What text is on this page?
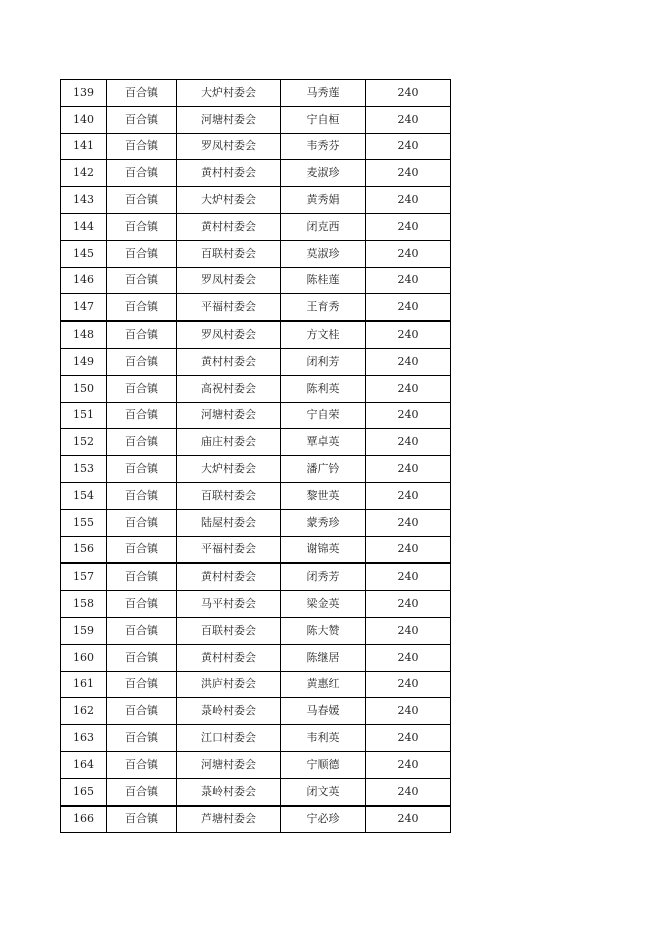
139	百合镇	大炉村委会	马秀莲	240
140	百合镇	河塘村委会	宁自桓	240
141	百合镇	罗凤村委会	韦秀芬	240
142	百合镇	黄村村委会	麦淑珍	240
143	百合镇	大炉村委会	黄秀娟	240
144	百合镇	黄村村委会	闭克西	240
145	百合镇	百联村委会	莫淑珍	240
146	百合镇	罗凤村委会	陈桂莲	240
147	百合镇	平福村委会	王育秀	240
148	百合镇	罗凤村委会	方文桂	240
149	百合镇	黄村村委会	闭利芳	240
150	百合镇	高祝村委会	陈利英	240
151	百合镇	河塘村委会	宁自荣	240
152	百合镇	庙庄村委会	覃卓英	240
153	百合镇	大炉村委会	潘广钤	240
154	百合镇	百联村委会	黎世英	240
155	百合镇	陆屋村委会	蒙秀珍	240
156	百合镇	平福村委会	谢锦英	240
157	百合镇	黄村村委会	闭秀芳	240
158	百合镇	马平村委会	梁金英	240
159	百合镇	百联村委会	陈大赞	240
160	百合镇	黄村村委会	陈继居	240
161	百合镇	洪庐村委会	黄惠红	240
162	百合镇	菉岭村委会	马春媛	240
163	百合镇	江口村委会	韦利英	240
164	百合镇	河塘村委会	宁顺德	240
165	百合镇	菉岭村委会	闭文英	240
166	百合镇	芦塘村委会	宁必珍	240
